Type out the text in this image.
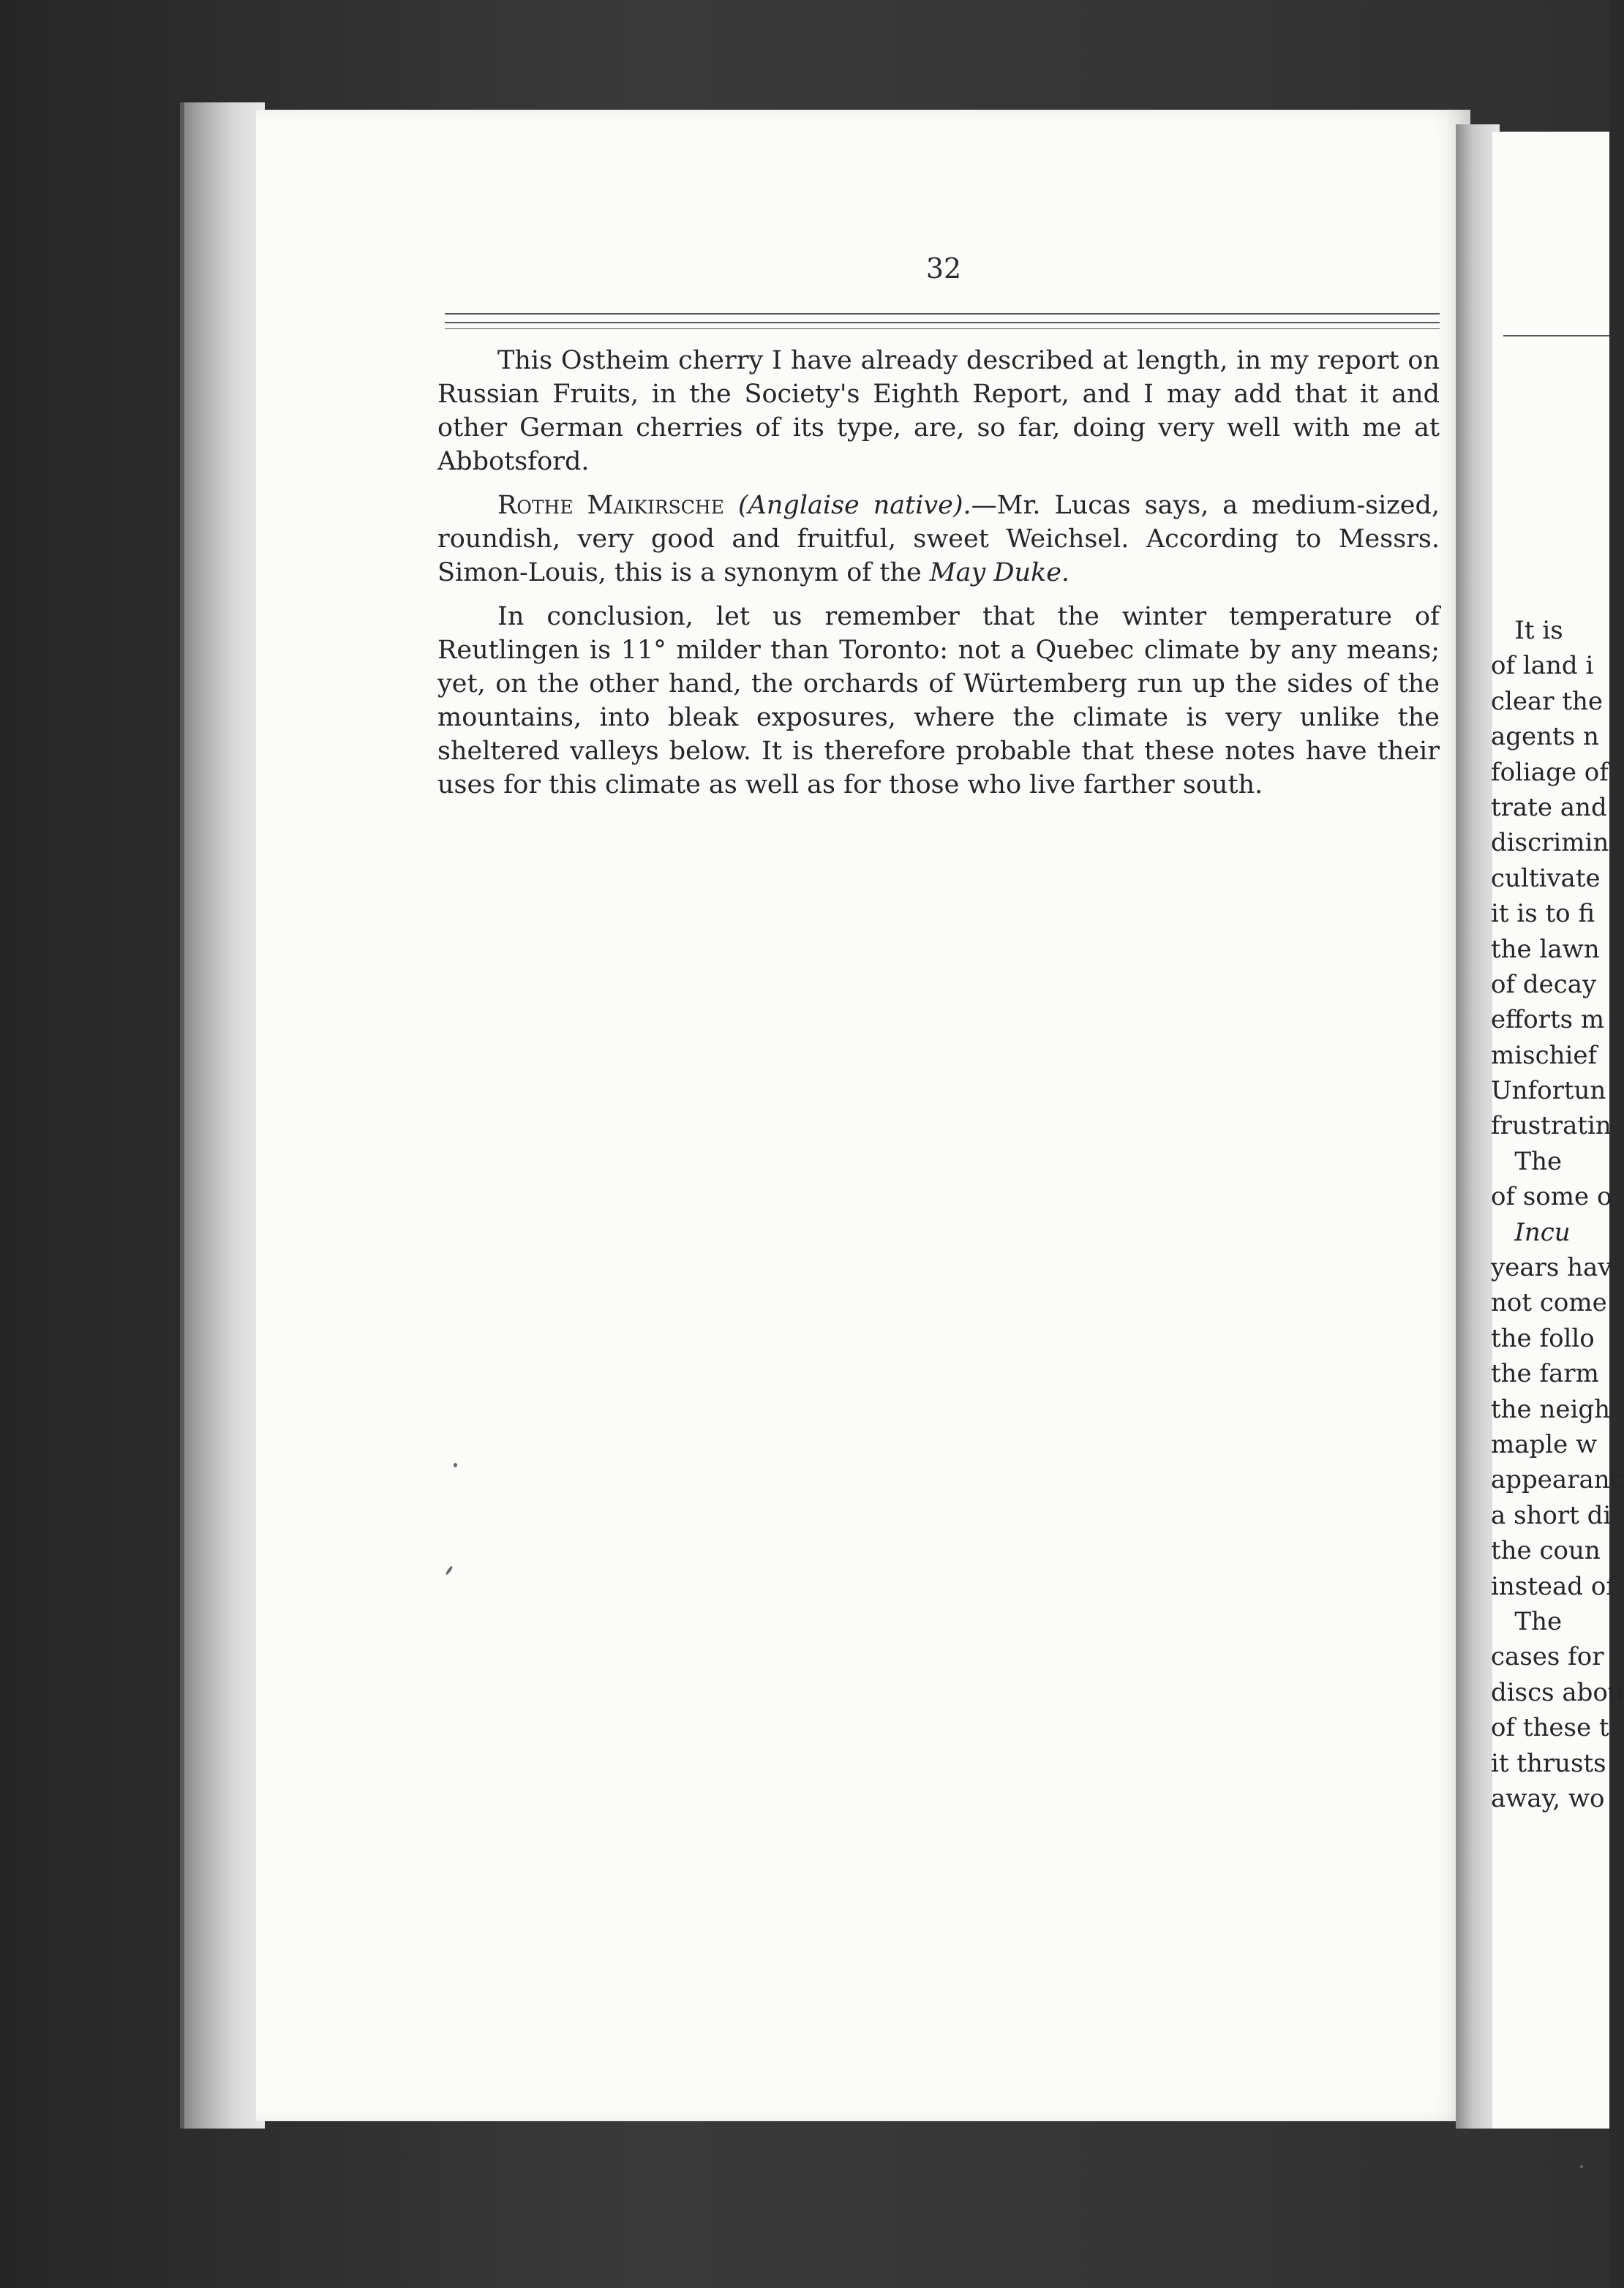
32

This Ostheim cherry I have already described at length, in my report on Russian Fruits, in the Society's Eighth Report, and I may add that it and other German cherries of its type, are, so far, doing very well with me at Abbotsford.

Rothe Maikirsche (Anglaise native).—Mr. Lucas says, a medium-sized, roundish, very good and fruitful, sweet Weichsel. According to Messrs. Simon-Louis, this is a synonym of the May Duke.

In conclusion, let us remember that the winter temperature of Reutlingen is 11° milder than Toronto: not a Quebec climate by any means; yet, on the other hand, the orchards of Würtemberg run up the sides of the mountains, into bleak exposures, where the climate is very unlike the sheltered valleys below. It is therefore probable that these notes have their uses for this climate as well as for those who live farther south.

It is
of land i
clear the
agents n
foliage of
trate and
discrimin
cultivate
it is to fi
the lawn
of decay
efforts m
mischief
Unfortun
frustratin
The
of some o
Incu
years hav
not come
the follo
the farm
the neigh
maple w
appearanc
a short di
the coun
instead of
The
cases for
discs abou
of these t
it thrusts
away, wo
